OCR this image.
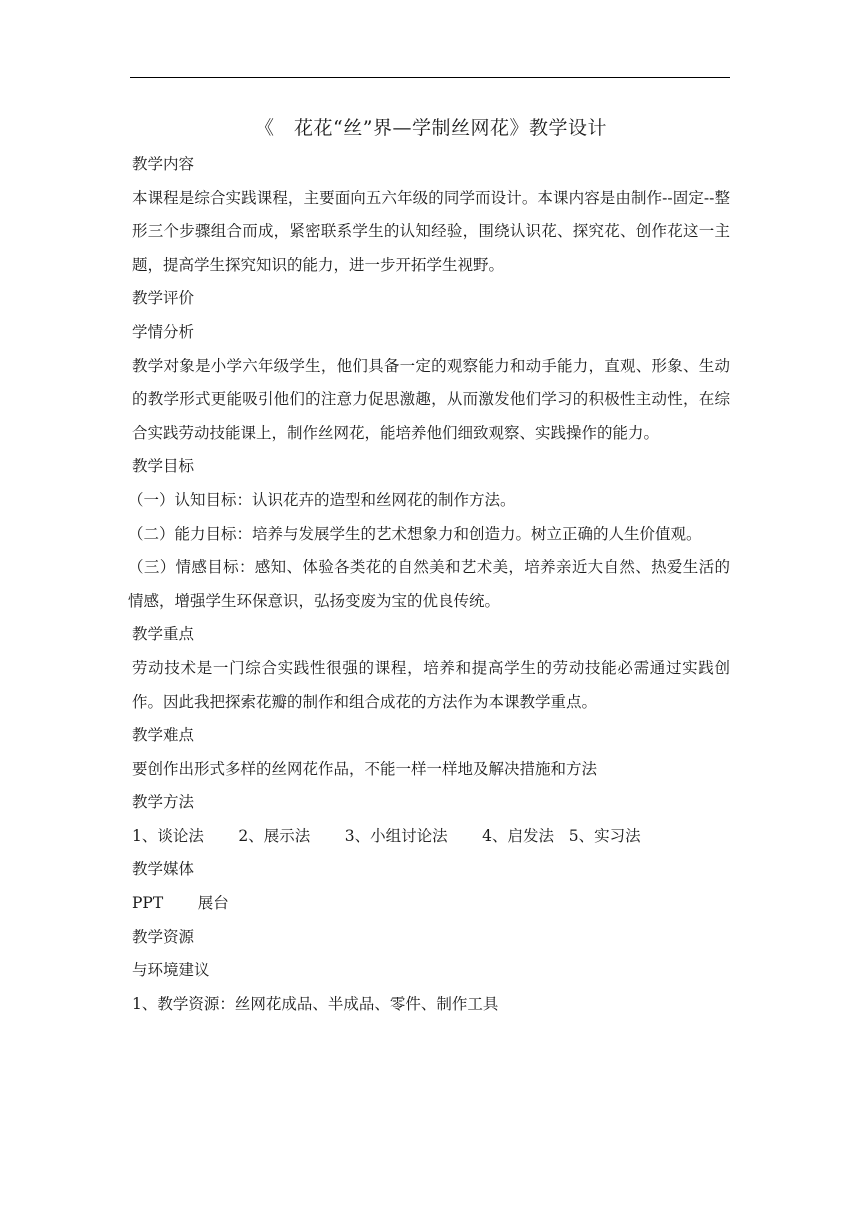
《　花花“丝”界—学制丝网花》教学设计

教学内容

本课程是综合实践课程，主要面向五六年级的同学而设计。本课内容是由制作--固定--整形三个步骤组合而成，紧密联系学生的认知经验，围绕认识花、探究花、创作花这一主题，提高学生探究知识的能力，进一步开拓学生视野。

教学评价

学情分析

教学对象是小学六年级学生，他们具备一定的观察能力和动手能力，直观、形象、生动的教学形式更能吸引他们的注意力促思激趣，从而激发他们学习的积极性主动性，在综合实践劳动技能课上，制作丝网花，能培养他们细致观察、实践操作的能力。

教学目标

（一）认知目标：认识花卉的造型和丝网花的制作方法。

（二）能力目标：培养与发展学生的艺术想象力和创造力。树立正确的人生价值观。

（三）情感目标：感知、体验各类花的自然美和艺术美，培养亲近大自然、热爱生活的情感，增强学生环保意识，弘扬变废为宝的优良传统。

教学重点

劳动技术是一门综合实践性很强的课程，培养和提高学生的劳动技能必需通过实践创作。因此我把探索花瓣的制作和组合成花的方法作为本课教学重点。

教学难点

要创作出形式多样的丝网花作品，不能一样一样地及解决措施和方法

教学方法

1、谈论法 2、展示法 3、小组讨论法 4、启发法 5、实习法

教学媒体

PPT 展台

教学资源

与环境建议

1、教学资源：丝网花成品、半成品、零件、制作工具
